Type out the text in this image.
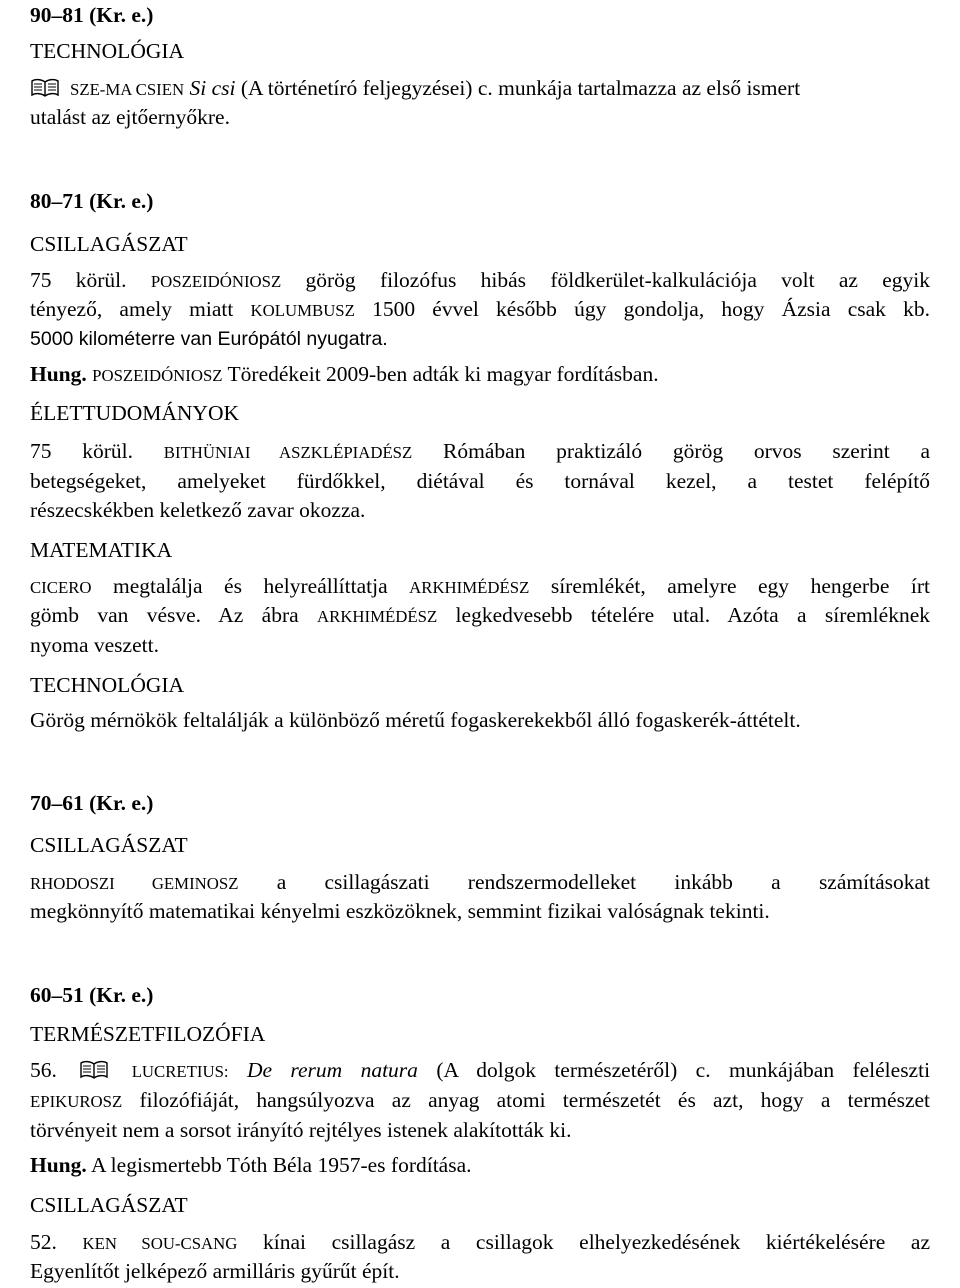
90–81 (Kr. e.)
TECHNOLÓGIA
SZE-MA CSIEN Si csi (A történetíró feljegyzései) c. munkája tartalmazza az első ismert
utalást az ejtőernyőkre.
80–71 (Kr. e.)
CSILLAGÁSZAT
75 körül. POSZEIDÓNIOSZ görög filozófus hibás földkerület-kalkulációja volt az egyik
tényező, amely miatt KOLUMBUSZ 1500 évvel később úgy gondolja, hogy Ázsia csak kb.
5000 kilométerre van Európától nyugatra.
Hung. POSZEIDÓNIOSZ Töredékeit 2009-ben adták ki magyar fordításban.
ÉLETTUDOMÁNYOK
75 körül. BITHÜNIAI ASZKLÉPIADÉSZ Rómában praktizáló görög orvos szerint a
betegségeket, amelyeket fürdőkkel, diétával és tornával kezel, a testet felépítő
részecskékben keletkező zavar okozza.
MATEMATIKA
CICERO megtalálja és helyreállíttatja ARKHIMÉDÉSZ síremlékét, amelyre egy hengerbe írt
gömb van vésve. Az ábra ARKHIMÉDÉSZ legkedvesebb tételére utal. Azóta a síremléknek
nyoma veszett.
TECHNOLÓGIA
Görög mérnökök feltalálják a különböző méretű fogaskerekekből álló fogaskerék-áttételt.
70–61 (Kr. e.)
CSILLAGÁSZAT
RHODOSZI GEMINOSZ a csillagászati rendszermodelleket inkább a számításokat
megkönnyítő matematikai kényelmi eszközöknek, semmint fizikai valóságnak tekinti.
60–51 (Kr. e.)
TERMÉSZETFILOZÓFIA
56.	LUCRETIUS: De rerum natura (A dolgok természetéről) c. munkájában feléleszti
EPIKUROSZ filozófiáját, hangsúlyozva az anyag atomi természetét és azt, hogy a természet
törvényeit nem a sorsot irányító rejtélyes istenek alakították ki.
Hung. A legismertebb Tóth Béla 1957-es fordítása.
CSILLAGÁSZAT
52. KEN SOU-CSANG kínai csillagász a csillagok elhelyezkedésének kiértékelésére az
Egyenlítőt jelképező armilláris gyűrűt épít.
